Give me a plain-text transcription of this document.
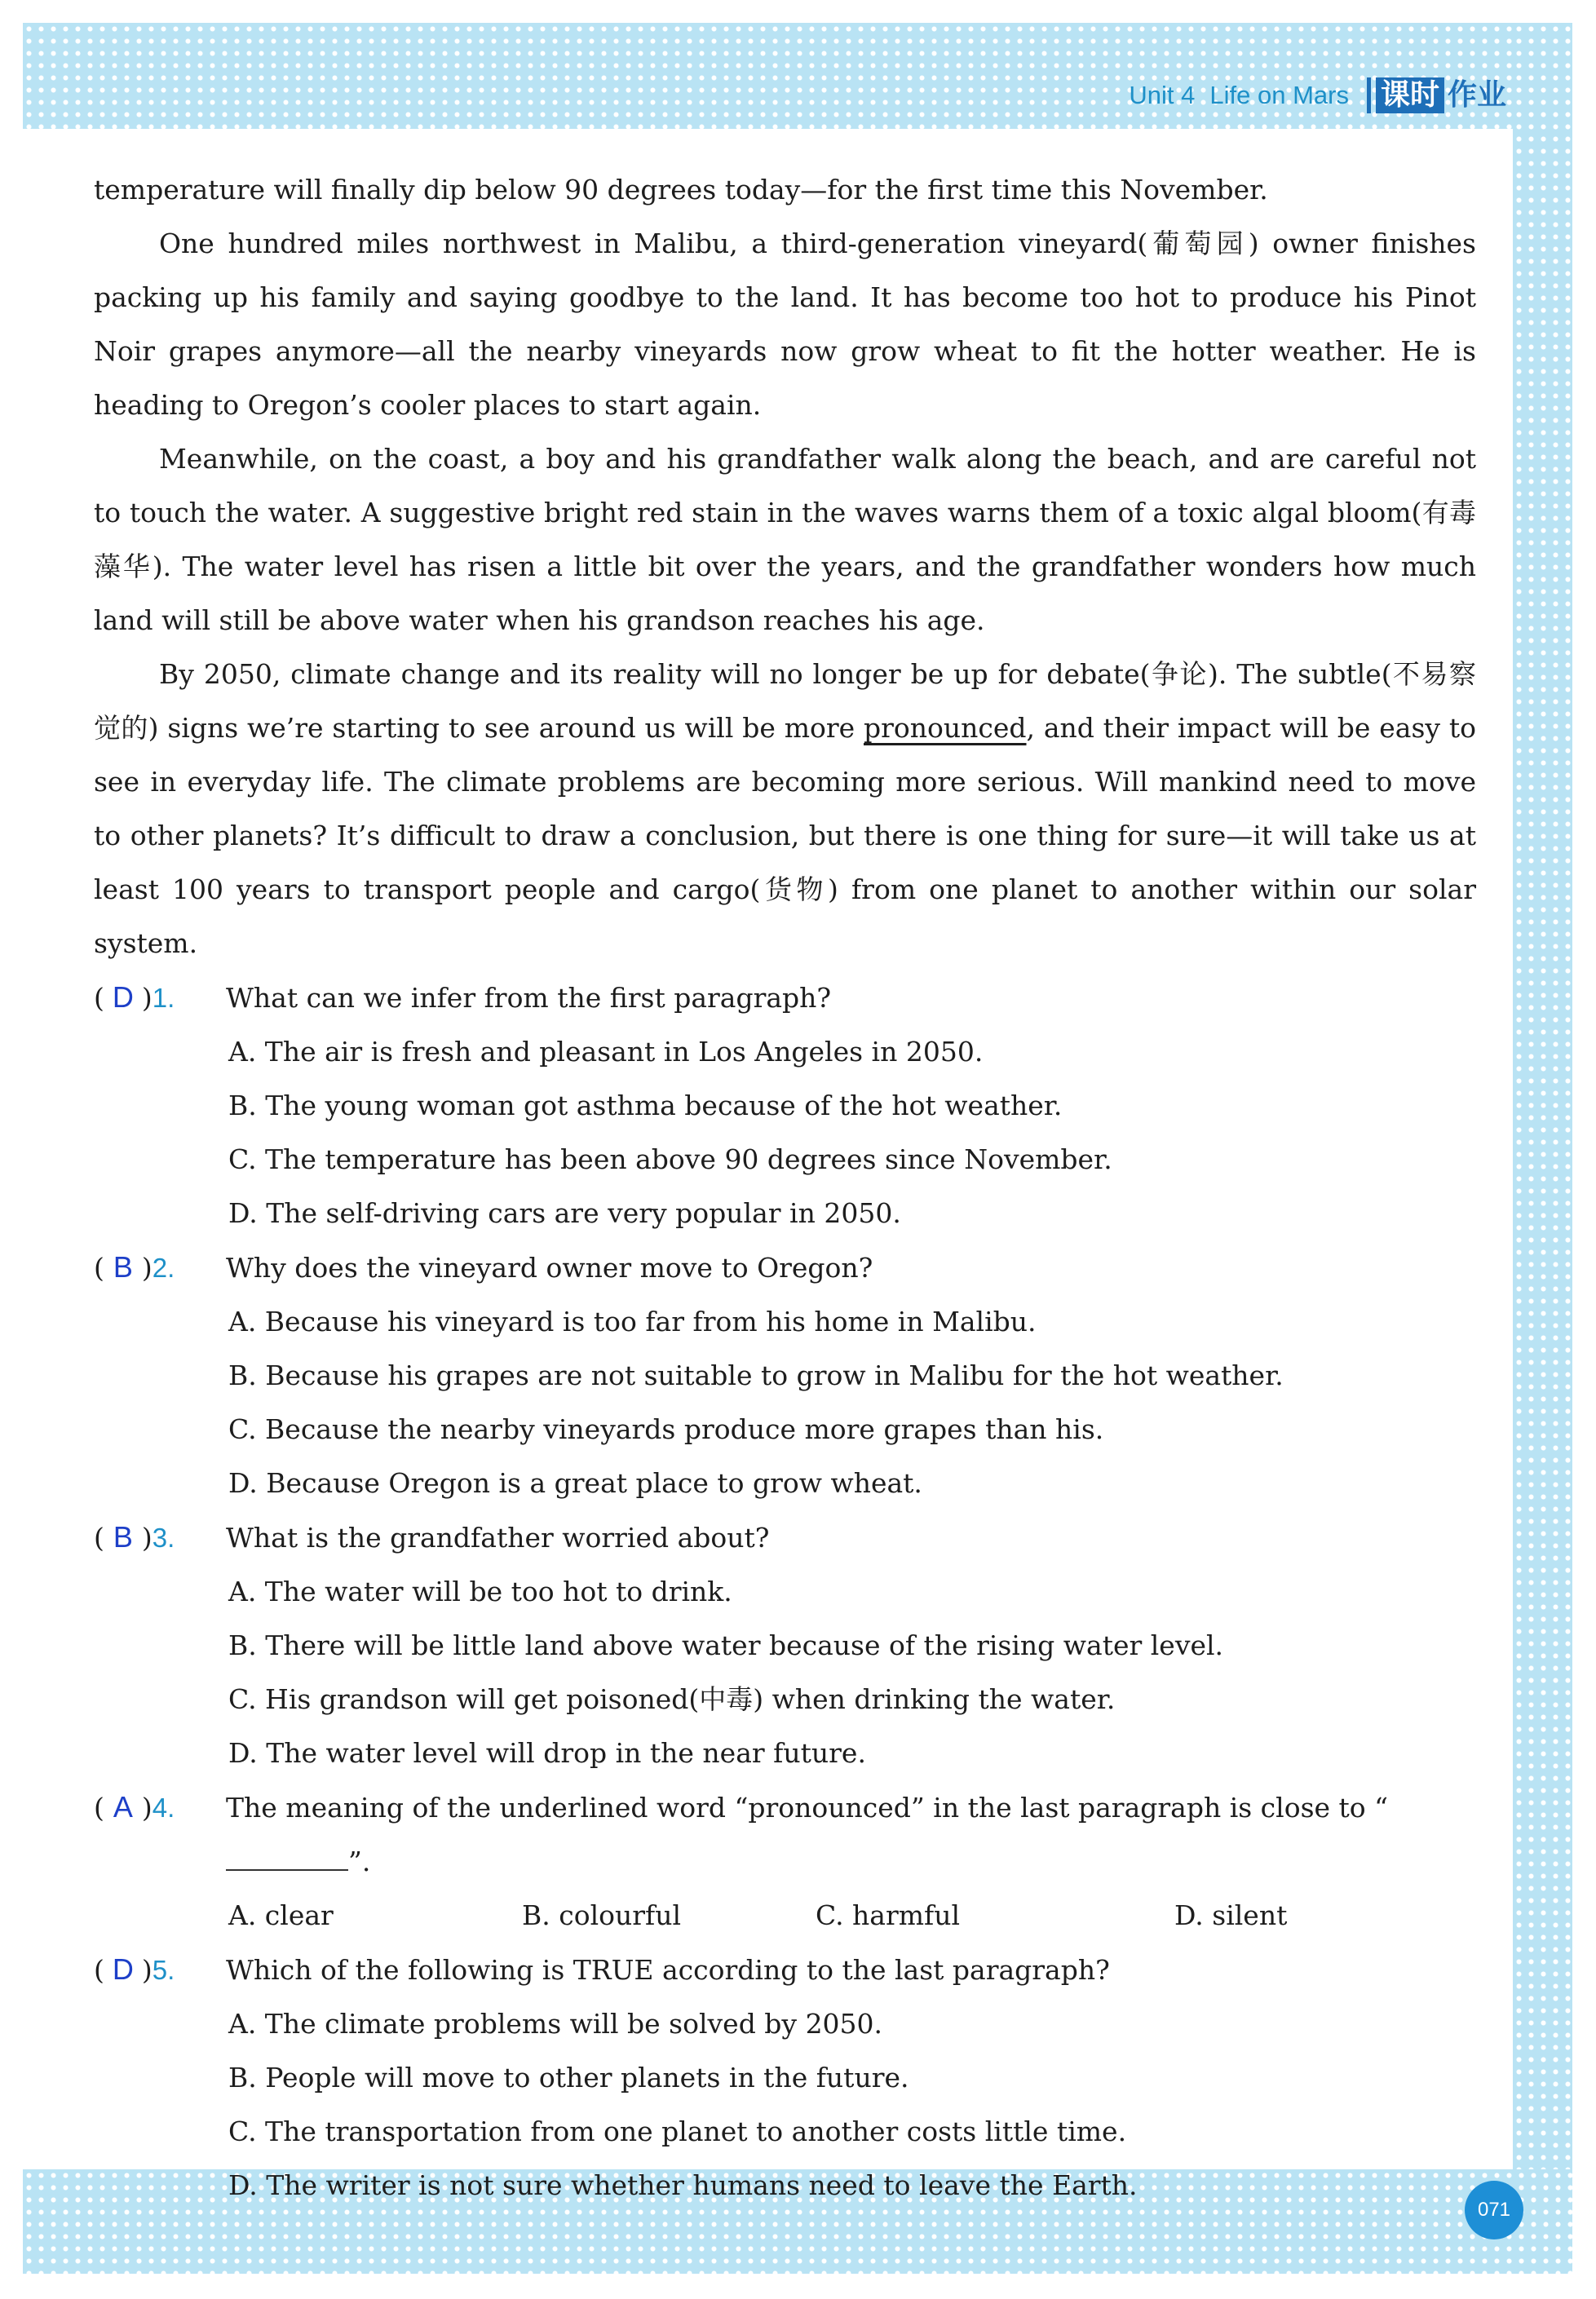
Unit 4 Life on Mars 课时 作业

temperature will finally dip below 90 degrees today—for the first time this November.

One hundred miles northwest in Malibu, a third-generation vineyard(葡萄园) owner finishes packing up his family and saying goodbye to the land. It has become too hot to produce his Pinot Noir grapes anymore—all the nearby vineyards now grow wheat to fit the hotter weather. He is heading to Oregon’s cooler places to start again.

Meanwhile, on the coast, a boy and his grandfather walk along the beach, and are careful not to touch the water. A suggestive bright red stain in the waves warns them of a toxic algal bloom(有毒藻华). The water level has risen a little bit over the years, and the grandfather wonders how much land will still be above water when his grandson reaches his age.

By 2050, climate change and its reality will no longer be up for debate(争论). The subtle(不易察觉的) signs we’re starting to see around us will be more pronounced, and their impact will be easy to see in everyday life. The climate problems are becoming more serious. Will mankind need to move to other planets? It’s difficult to draw a conclusion, but there is one thing for sure—it will take us at least 100 years to transport people and cargo(货物) from one planet to another within our solar system.

( D )1.	What can we infer from the first paragraph?
A. The air is fresh and pleasant in Los Angeles in 2050.
B. The young woman got asthma because of the hot weather.
C. The temperature has been above 90 degrees since November.
D. The self-driving cars are very popular in 2050.
( B )2.	Why does the vineyard owner move to Oregon?
A. Because his vineyard is too far from his home in Malibu.
B. Because his grapes are not suitable to grow in Malibu for the hot weather.
C. Because the nearby vineyards produce more grapes than his.
D. Because Oregon is a great place to grow wheat.
( B )3.	What is the grandfather worried about?
A. The water will be too hot to drink.
B. There will be little land above water because of the rising water level.
C. His grandson will get poisoned(中毒) when drinking the water.
D. The water level will drop in the near future.
( A )4.	The meaning of the underlined word “pronounced” in the last paragraph is close to “”.
A. clear	B. colourful	C. harmful	D. silent
( D )5.	Which of the following is TRUE according to the last paragraph?
A. The climate problems will be solved by 2050.
B. People will move to other planets in the future.
C. The transportation from one planet to another costs little time.
D. The writer is not sure whether humans need to leave the Earth.
071
